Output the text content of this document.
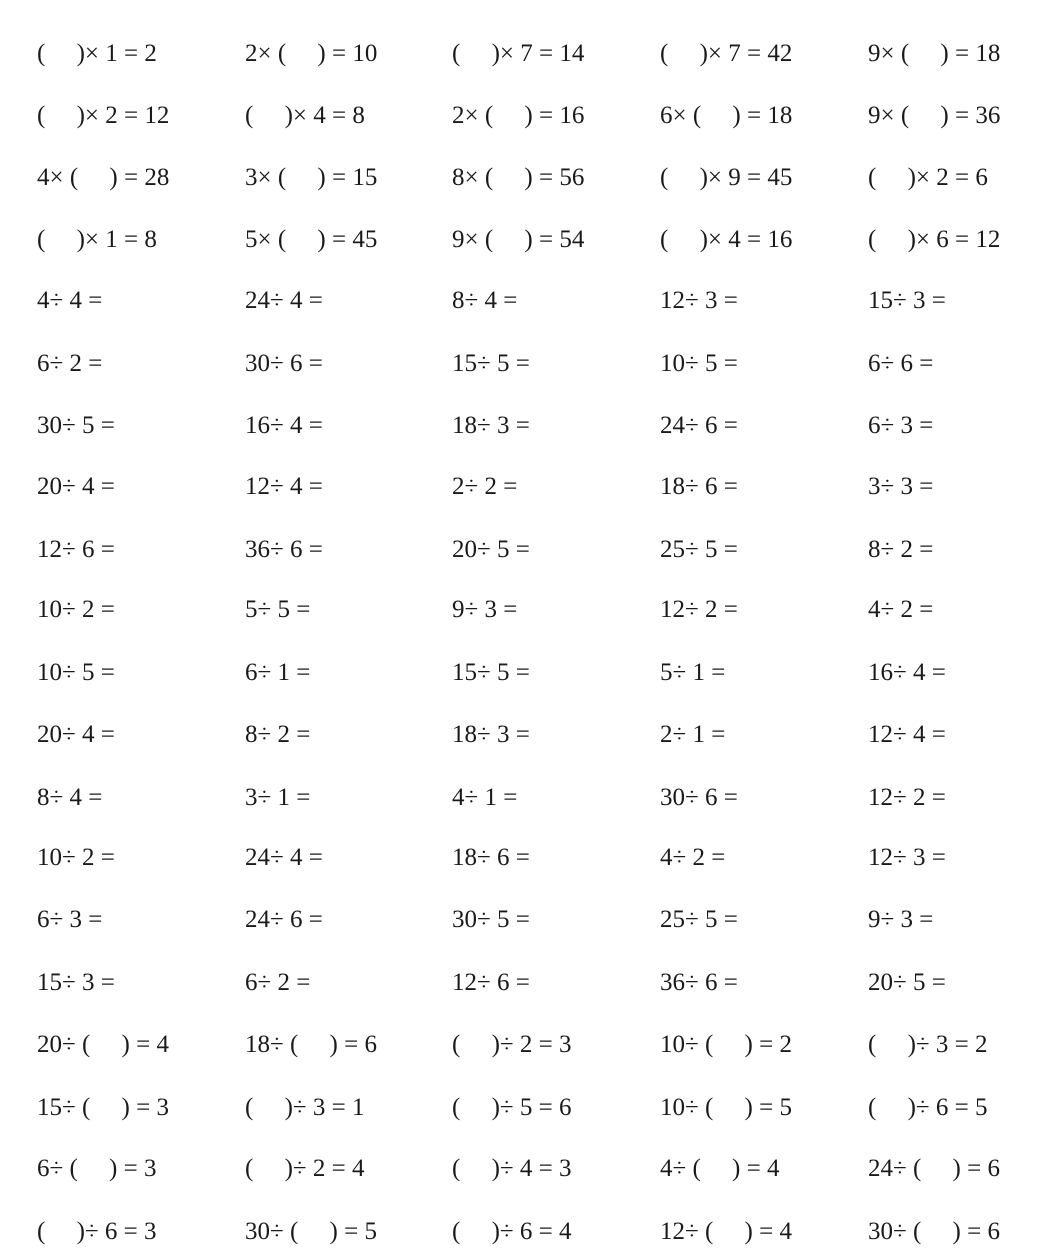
(  )× 1 = 2	2× (  ) = 10	(  )× 7 = 14	(  )× 7 = 42	9× (  ) = 18
(  )× 2 = 12	(  )× 4 = 8	2× (  ) = 16	6× (  ) = 18	9× (  ) = 36
4× (  ) = 28	3× (  ) = 15	8× (  ) = 56	(  )× 9 = 45	(  )× 2 = 6
(  )× 1 = 8	5× (  ) = 45	9× (  ) = 54	(  )× 4 = 16	(  )× 6 = 12
4÷ 4 =	24÷ 4 =	8÷ 4 =	12÷ 3 =	15÷ 3 =
6÷ 2 =	30÷ 6 =	15÷ 5 =	10÷ 5 =	6÷ 6 =
30÷ 5 =	16÷ 4 =	18÷ 3 =	24÷ 6 =	6÷ 3 =
20÷ 4 =	12÷ 4 =	2÷ 2 =	18÷ 6 =	3÷ 3 =
12÷ 6 =	36÷ 6 =	20÷ 5 =	25÷ 5 =	8÷ 2 =
10÷ 2 =	5÷ 5 =	9÷ 3 =	12÷ 2 =	4÷ 2 =
10÷ 5 =	6÷ 1 =	15÷ 5 =	5÷ 1 =	16÷ 4 =
20÷ 4 =	8÷ 2 =	18÷ 3 =	2÷ 1 =	12÷ 4 =
8÷ 4 =	3÷ 1 =	4÷ 1 =	30÷ 6 =	12÷ 2 =
10÷ 2 =	24÷ 4 =	18÷ 6 =	4÷ 2 =	12÷ 3 =
6÷ 3 =	24÷ 6 =	30÷ 5 =	25÷ 5 =	9÷ 3 =
15÷ 3 =	6÷ 2 =	12÷ 6 =	36÷ 6 =	20÷ 5 =
20÷ (  ) = 4	18÷ (  ) = 6	(  )÷ 2 = 3	10÷ (  ) = 2	(  )÷ 3 = 2
15÷ (  ) = 3	(  )÷ 3 = 1	(  )÷ 5 = 6	10÷ (  ) = 5	(  )÷ 6 = 5
6÷ (  ) = 3	(  )÷ 2 = 4	(  )÷ 4 = 3	4÷ (  ) = 4	24÷ (  ) = 6
(  )÷ 6 = 3	30÷ (  ) = 5	(  )÷ 6 = 4	12÷ (  ) = 4	30÷ (  ) = 6
